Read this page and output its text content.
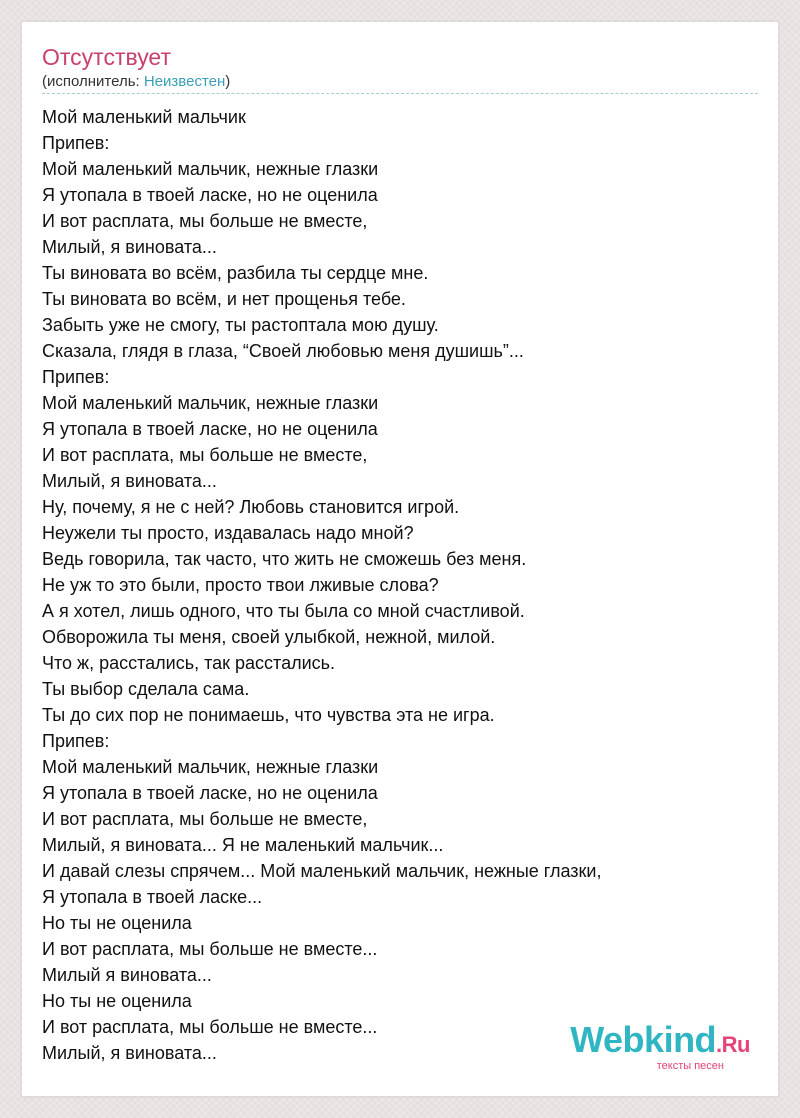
Отсутствует
(исполнитель: Неизвестен)
Мой маленький мальчик
Припев:
Мой маленький мальчик, нежные глазки
Я утопала в твоей ласке, но не оценила
И вот расплата, мы больше не вместе,
Милый, я виновата...
Ты виновата во всём, разбила ты сердце мне.
Ты виновата во всём, и нет прощенья тебе.
Забыть уже не смогу, ты растоптала мою душу.
Сказала, глядя в глаза, “Своей любовью меня душишь”...
Припев:
Мой маленький мальчик, нежные глазки
Я утопала в твоей ласке, но не оценила
И вот расплата, мы больше не вместе,
Милый, я виновата...
Ну, почему, я не с ней? Любовь становится игрой.
Неужели ты просто, издавалась надо мной?
Ведь говорила, так часто, что жить не сможешь без меня.
Не уж то это были, просто твои лживые слова?
А я хотел, лишь одного, что ты была со мной счастливой.
Обворожила ты меня, своей улыбкой, нежной, милой.
Что ж, расстались, так расстались.
Ты выбор сделала сама.
Ты до сих пор не понимаешь, что чувства эта не игра.
Припев:
Мой маленький мальчик, нежные глазки
Я утопала в твоей ласке, но не оценила
И вот расплата, мы больше не вместе,
Милый, я виновата... Я не маленький мальчик...
И давай слезы спрячем... Мой маленький мальчик, нежные глазки,
Я утопала в твоей ласке...
Но ты не оценила
И вот расплата, мы больше не вместе...
Милый я виновата...
Но ты не оценила
И вот расплата, мы больше не вместе...
Милый, я виновата...	Webkind.Ru
тексты песен
